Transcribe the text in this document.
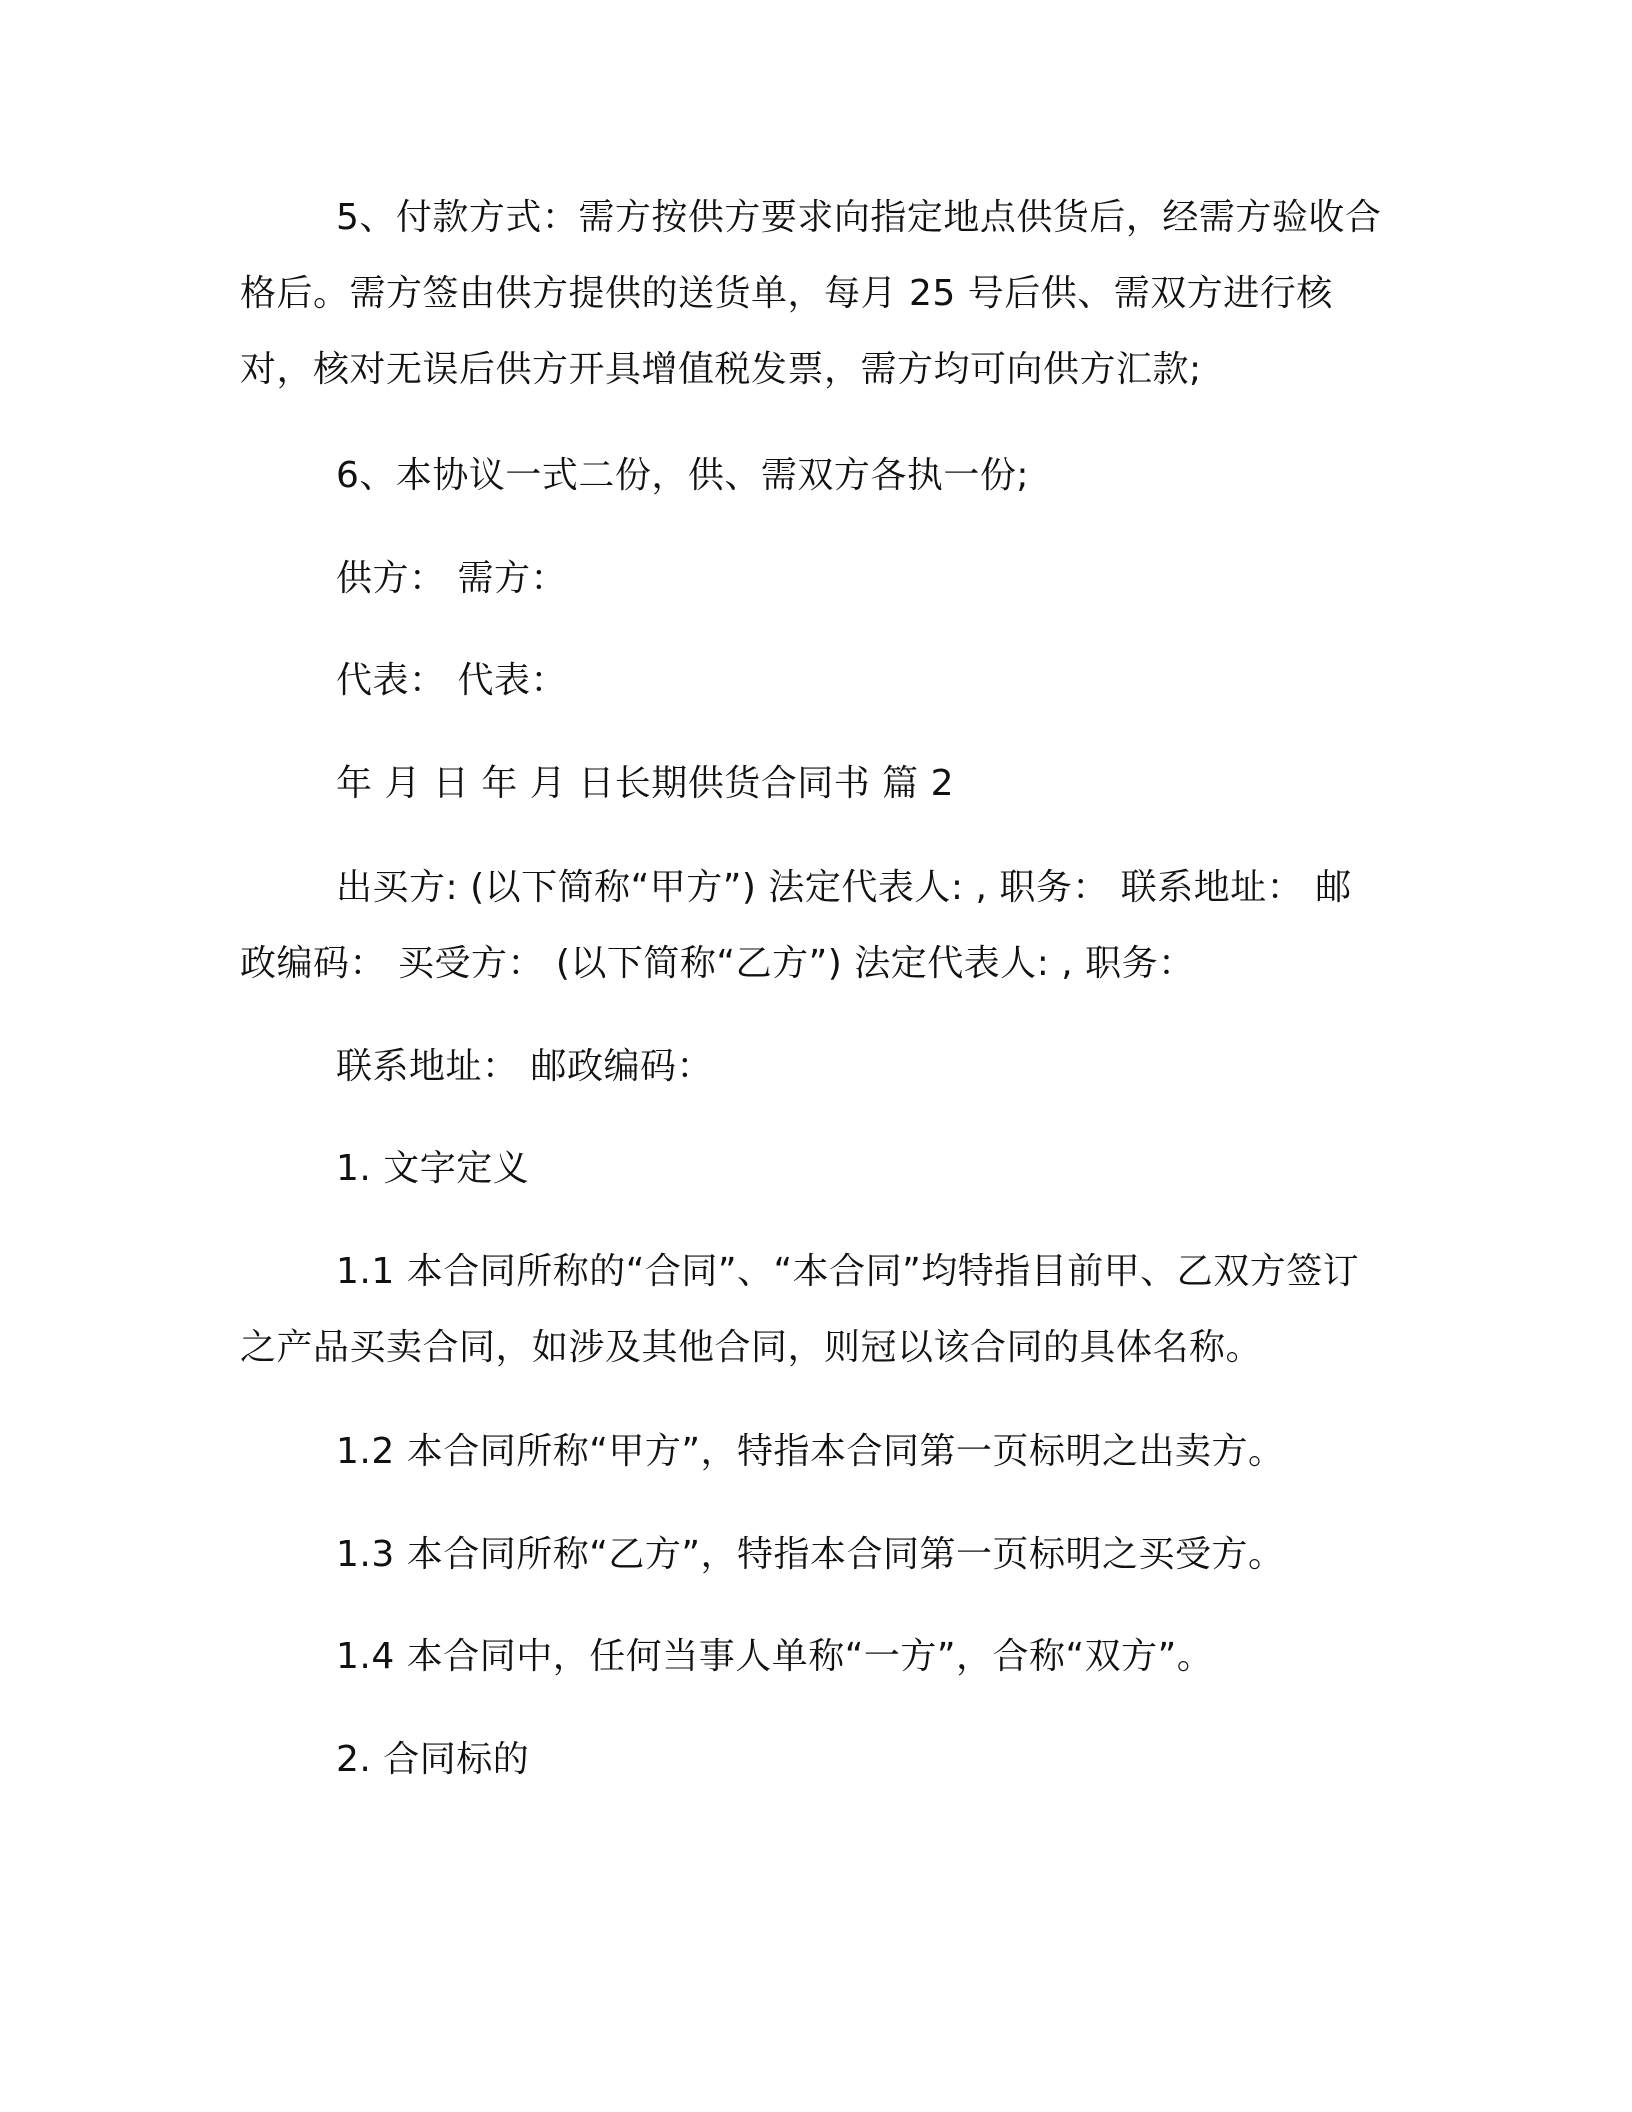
5、付款方式：需方按供方要求向指定地点供货后，经需方验收合格后。需方签由供方提供的送货单，每月 25 号后供、需双方进行核对，核对无误后供方开具增值税发票，需方均可向供方汇款;

6、本协议一式二份，供、需双方各执一份;

供方： 需方：

代表： 代表：

年 月 日 年 月 日长期供货合同书 篇 2

出买方: (以下简称“甲方”) 法定代表人: , 职务： 联系地址： 邮政编码： 买受方： (以下简称“乙方”) 法定代表人: , 职务：

联系地址： 邮政编码：

1. 文字定义

1.1 本合同所称的“合同”、“本合同”均特指目前甲、乙双方签订之产品买卖合同，如涉及其他合同，则冠以该合同的具体名称。

1.2 本合同所称“甲方”，特指本合同第一页标明之出卖方。

1.3 本合同所称“乙方”，特指本合同第一页标明之买受方。

1.4 本合同中，任何当事人单称“一方”，合称“双方”。

2. 合同标的
